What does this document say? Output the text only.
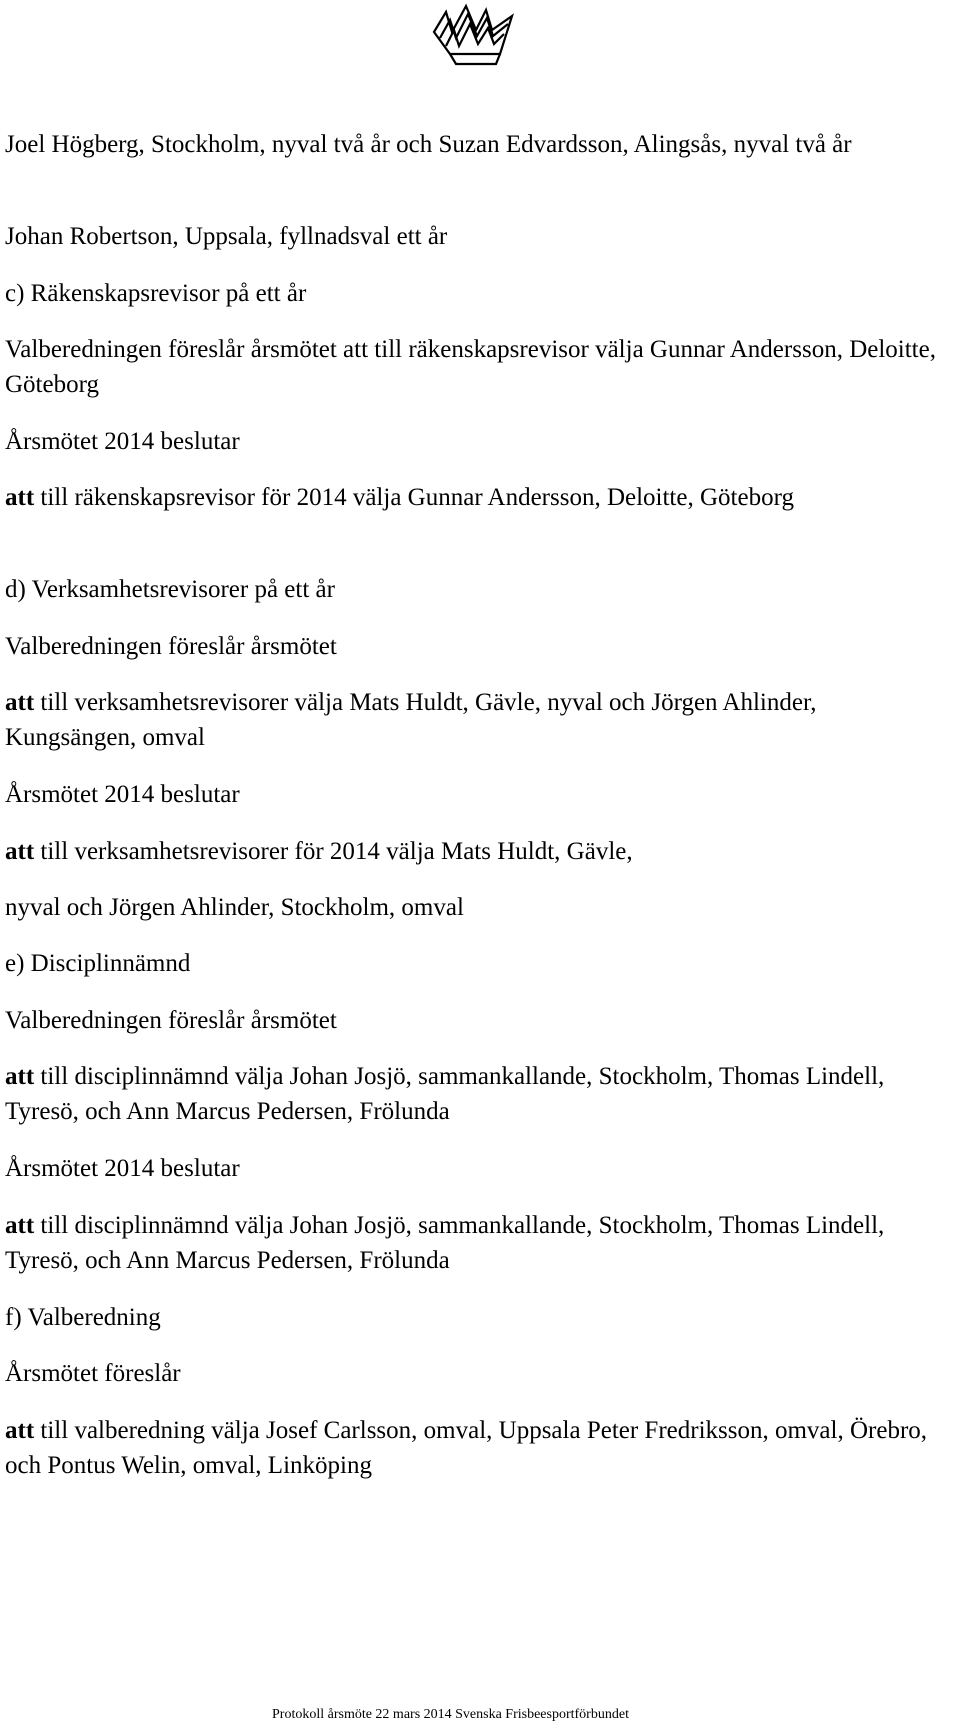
Joel Högberg, Stockholm, nyval två år och Suzan Edvardsson, Alingsås, nyval två år

Johan Robertson, Uppsala, fyllnadsval ett år

c) Räkenskapsrevisor på ett år

Valberedningen föreslår årsmötet att till räkenskapsrevisor välja Gunnar Andersson, Deloitte, Göteborg

Årsmötet 2014 beslutar

att till räkenskapsrevisor för 2014 välja Gunnar Andersson, Deloitte, Göteborg

d) Verksamhetsrevisorer på ett år

Valberedningen föreslår årsmötet

att till verksamhetsrevisorer välja Mats Huldt, Gävle, nyval och Jörgen Ahlinder, Kungsängen, omval

Årsmötet 2014 beslutar

att till verksamhetsrevisorer för 2014 välja Mats Huldt, Gävle,

nyval och Jörgen Ahlinder, Stockholm, omval

e) Disciplinnämnd

Valberedningen föreslår årsmötet

att till disciplinnämnd välja Johan Josjö, sammankallande, Stockholm, Thomas Lindell, Tyresö, och Ann Marcus Pedersen, Frölunda

Årsmötet 2014 beslutar

att till disciplinnämnd välja Johan Josjö, sammankallande, Stockholm, Thomas Lindell, Tyresö, och Ann Marcus Pedersen, Frölunda

f) Valberedning

Årsmötet föreslår

att till valberedning välja Josef Carlsson, omval, Uppsala Peter Fredriksson, omval, Örebro, och Pontus Welin, omval, Linköping

Protokoll årsmöte 22 mars 2014 Svenska Frisbeesportförbundet
